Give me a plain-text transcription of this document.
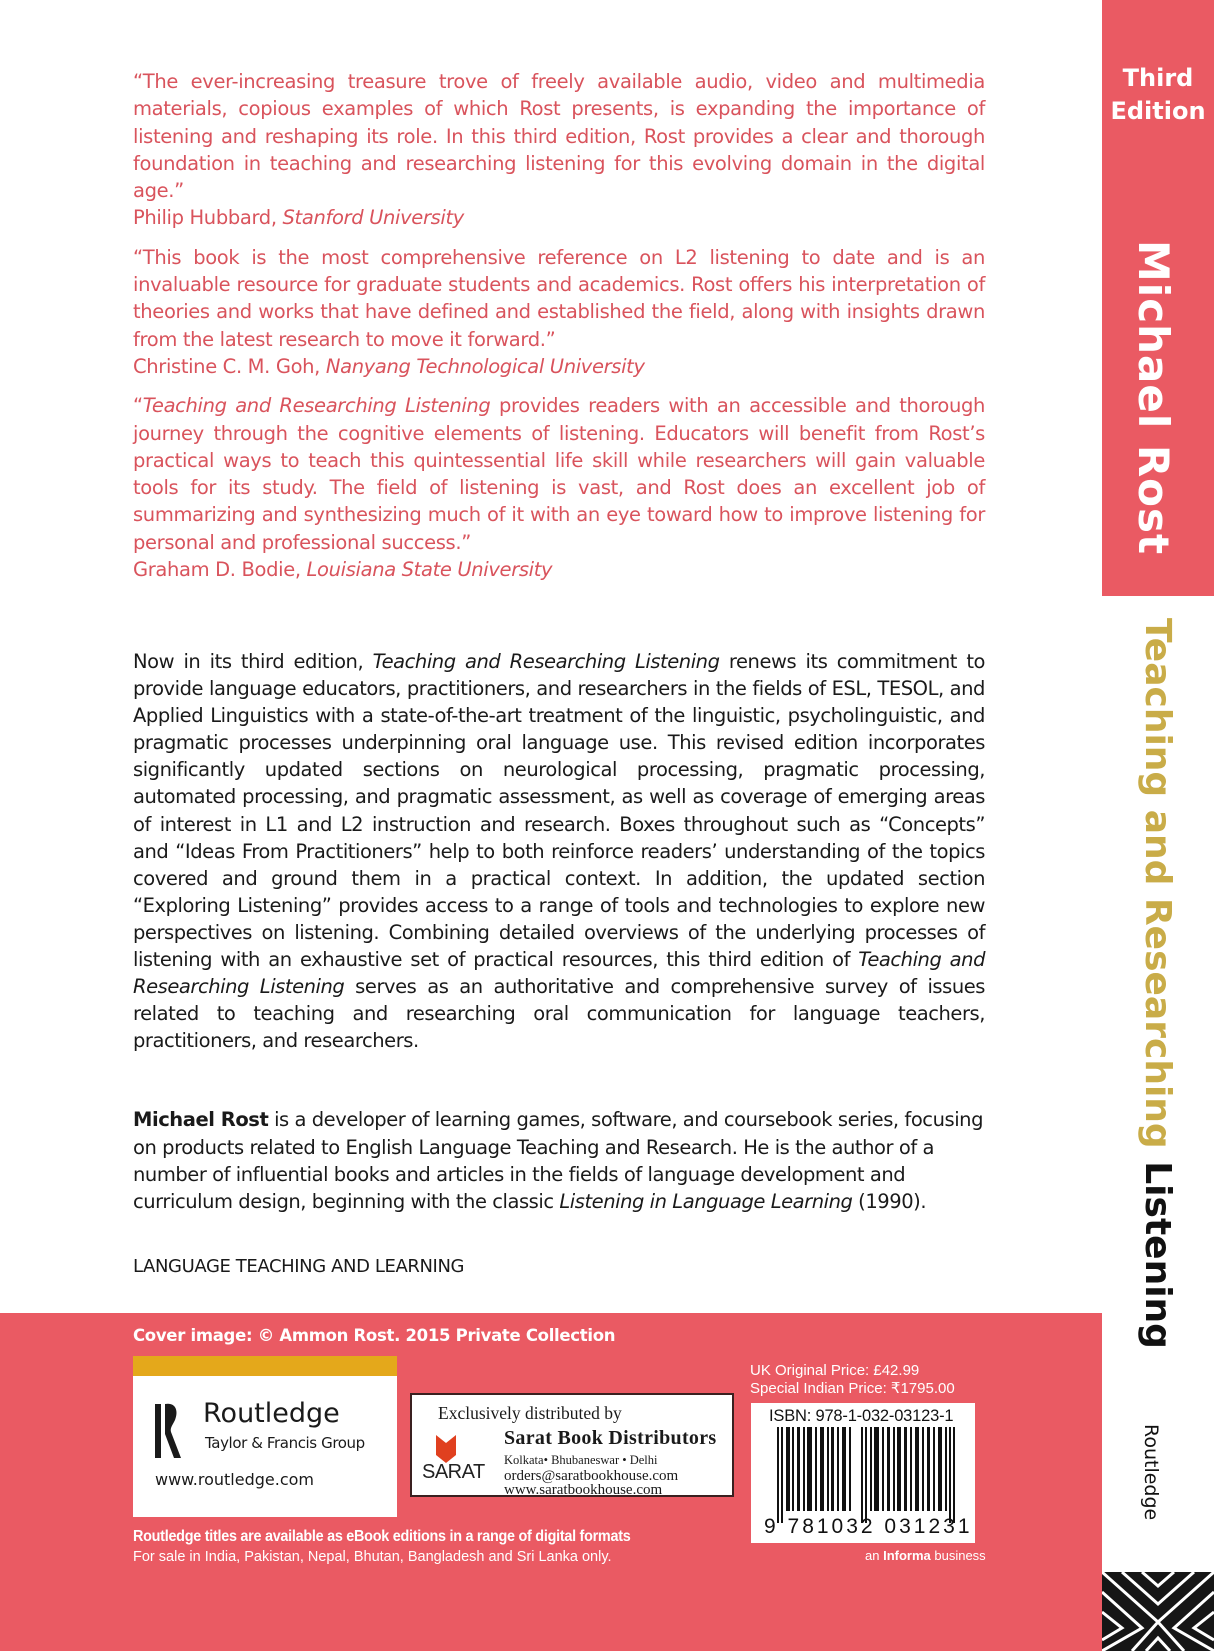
“The ever-increasing treasure trove of freely available audio, video and multimedia materials, copious examples of which Rost presents, is expanding the importance of listening and reshaping its role. In this third edition, Rost provides a clear and thorough foundation in teaching and researching listening for this evolving domain in the digital age.”
Philip Hubbard, Stanford University

“This book is the most comprehensive reference on L2 listening to date and is an invaluable resource for graduate students and academics. Rost offers his interpretation of theories and works that have defined and established the field, along with insights drawn from the latest research to move it forward.”
Christine C. M. Goh, Nanyang Technological University

“Teaching and Researching Listening provides readers with an accessible and thorough journey through the cognitive elements of listening. Educators will benefit from Rost’s practical ways to teach this quintessential life skill while researchers will gain valuable tools for its study. The field of listening is vast, and Rost does an excellent job of summarizing and synthesizing much of it with an eye toward how to improve listening for personal and professional success.”
Graham D. Bodie, Louisiana State University

Now in its third edition, Teaching and Researching Listening renews its commitment to provide language educators, practitioners, and researchers in the fields of ESL, TESOL, and Applied Linguistics with a state-of-the-art treatment of the linguistic, psycholinguistic, and pragmatic processes underpinning oral language use. This revised edition incorporates significantly updated sections on neurological processing, pragmatic processing, automated processing, and pragmatic assessment, as well as coverage of emerging areas of interest in L1 and L2 instruction and research. Boxes throughout such as “Concepts” and “Ideas From Practitioners” help to both reinforce readers’ understanding of the topics covered and ground them in a practical context. In addition, the updated section “Exploring Listening” provides access to a range of tools and technologies to explore new perspectives on listening. Combining detailed overviews of the underlying processes of listening with an exhaustive set of practical resources, this third edition of Teaching and Researching Listening serves as an authoritative and comprehensive survey of issues related to teaching and researching oral communication for language teachers, practitioners, and researchers.

Michael Rost is a developer of learning games, software, and coursebook series, focusing on products related to English Language Teaching and Research. He is the author of a number of influential books and articles in the fields of language development and curriculum design, beginning with the classic Listening in Language Learning (1990).

LANGUAGE TEACHING AND LEARNING
Cover image: © Ammon Rost. 2015 Private Collection
Routledge
Taylor & Francis Group
www.routledge.com
Exclusively distributed by
SARAT
Sarat Book Distributors
Kolkata• Bhubaneswar • Delhi
orders@saratbookhouse.com
www.saratbookhouse.com
UK Original Price: £42.99
Special Indian Price: ₹1795.00
ISBN: 978-1-032-03123-1
9 781032 031231
an Informa business
Routledge titles are available as eBook editions in a range of digital formats
For sale in India, Pakistan, Nepal, Bhutan, Bangladesh and Sri Lanka only.
Third
Edition
Michael Rost
Teaching and Researching Listening
Routledge
